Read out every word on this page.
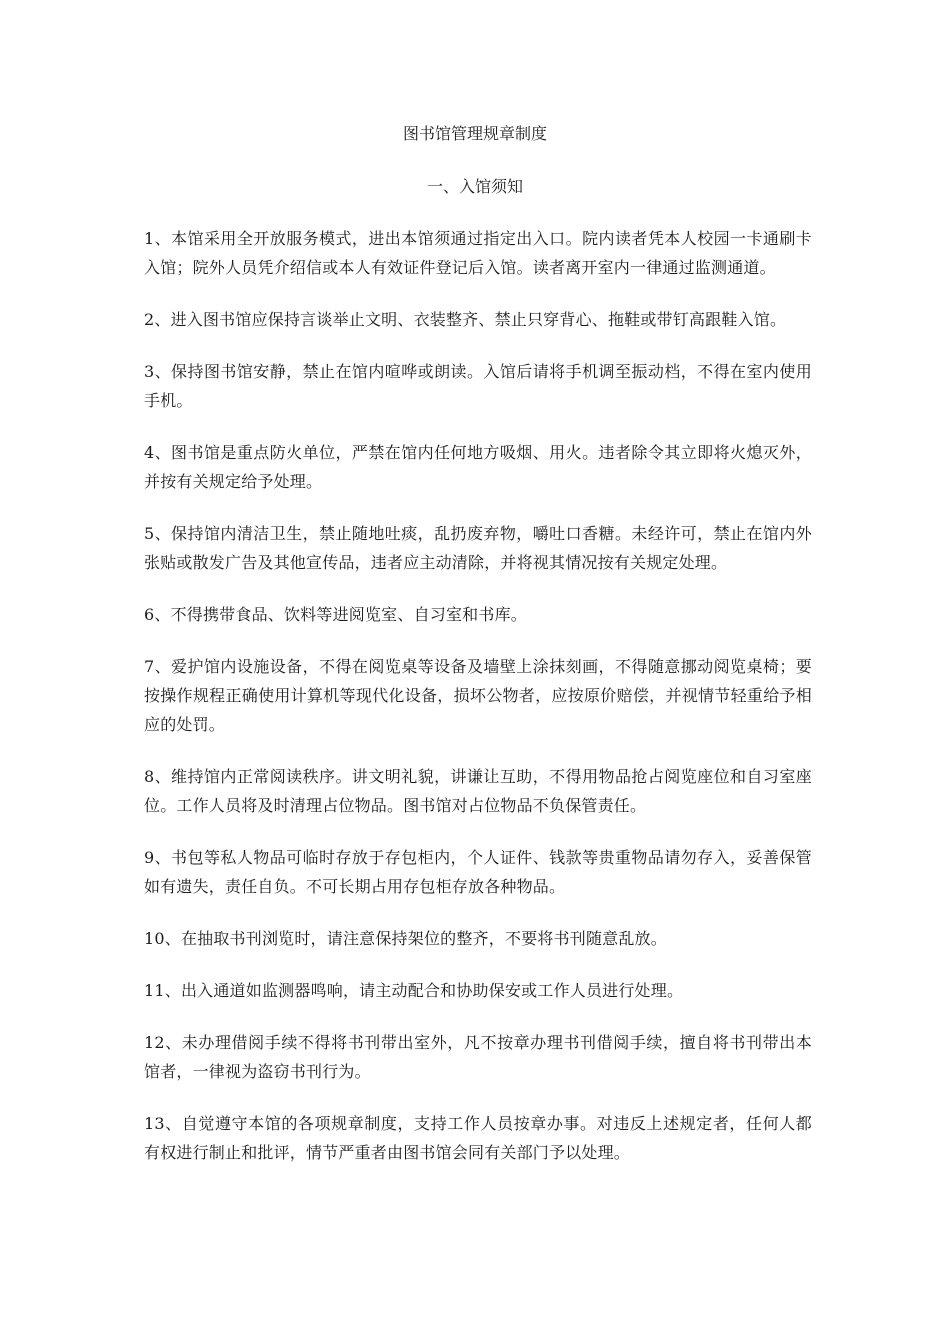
图书馆管理规章制度
一、入馆须知
1、本馆采用全开放服务模式，进出本馆须通过指定出入口。院内读者凭本人校园一卡通刷卡入馆；院外人员凭介绍信或本人有效证件登记后入馆。读者离开室内一律通过监测通道。
2、进入图书馆应保持言谈举止文明、衣装整齐、禁止只穿背心、拖鞋或带钉高跟鞋入馆。
3、保持图书馆安静，禁止在馆内喧哗或朗读。入馆后请将手机调至振动档，不得在室内使用手机。
4、图书馆是重点防火单位，严禁在馆内任何地方吸烟、用火。违者除令其立即将火熄灭外，并按有关规定给予处理。
5、保持馆内清洁卫生，禁止随地吐痰，乱扔废弃物，嚼吐口香糖。未经许可，禁止在馆内外张贴或散发广告及其他宣传品，违者应主动清除，并将视其情况按有关规定处理。
6、不得携带食品、饮料等进阅览室、自习室和书库。
7、爱护馆内设施设备，不得在阅览桌等设备及墙壁上涂抹刻画，不得随意挪动阅览桌椅；要按操作规程正确使用计算机等现代化设备，损坏公物者，应按原价赔偿，并视情节轻重给予相应的处罚。
8、维持馆内正常阅读秩序。讲文明礼貌，讲谦让互助，不得用物品抢占阅览座位和自习室座位。工作人员将及时清理占位物品。图书馆对占位物品不负保管责任。
9、书包等私人物品可临时存放于存包柜内，个人证件、钱款等贵重物品请勿存入，妥善保管如有遗失，责任自负。不可长期占用存包柜存放各种物品。
10、在抽取书刊浏览时，请注意保持架位的整齐，不要将书刊随意乱放。
11、出入通道如监测器鸣响，请主动配合和协助保安或工作人员进行处理。
12、未办理借阅手续不得将书刊带出室外，凡不按章办理书刊借阅手续，擅自将书刊带出本馆者，一律视为盗窃书刊行为。
13、自觉遵守本馆的各项规章制度，支持工作人员按章办事。对违反上述规定者，任何人都有权进行制止和批评，情节严重者由图书馆会同有关部门予以处理。
